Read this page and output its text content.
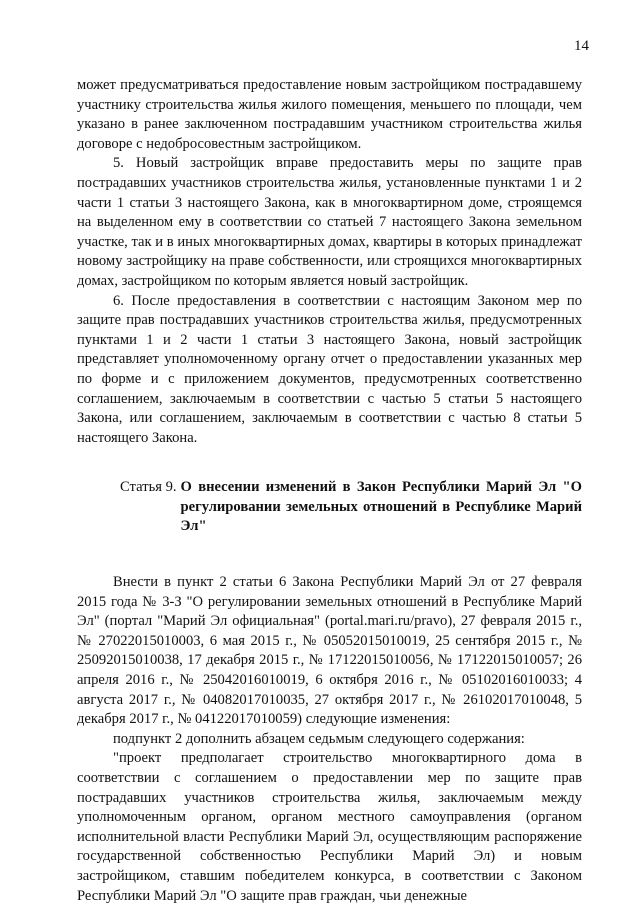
14

может предусматриваться предоставление новым застройщиком пострадавшему участнику строительства жилья жилого помещения, меньшего по площади, чем указано в ранее заключенном пострадавшим участником строительства жилья договоре с недобросовестным застройщиком.

5. Новый застройщик вправе предоставить меры по защите прав пострадавших участников строительства жилья, установленные пунктами 1 и 2 части 1 статьи 3 настоящего Закона, как в многоквартирном доме, строящемся на выделенном ему в соответствии со статьей 7 настоящего Закона земельном участке, так и в иных многоквартирных домах, квартиры в которых принадлежат новому застройщику на праве собственности, или строящихся многоквартирных домах, застройщиком по которым является новый застройщик.

6. После предоставления в соответствии с настоящим Законом мер по защите прав пострадавших участников строительства жилья, предусмотренных пунктами 1 и 2 части 1 статьи 3 настоящего Закона, новый застройщик представляет уполномоченному органу отчет о предоставлении указанных мер по форме и с приложением документов, предусмотренных соответственно соглашением, заключаемым в соответствии с частью 5 статьи 5 настоящего Закона, или соглашением, заключаемым в соответствии с частью 8 статьи 5 настоящего Закона.

Статья 9. О внесении изменений в Закон Республики Марий Эл "О регулировании земельных отношений в Республике Марий Эл"

Внести в пункт 2 статьи 6 Закона Республики Марий Эл от 27 февраля 2015 года № 3-З "О регулировании земельных отношений в Республике Марий Эл" (портал "Марий Эл официальная" (portal.mari.ru/pravo), 27 февраля 2015 г., № 27022015010003, 6 мая 2015 г., № 05052015010019, 25 сентября 2015 г., № 25092015010038, 17 декабря 2015 г., № 17122015010056, № 17122015010057; 26 апреля 2016 г., № 25042016010019, 6 октября 2016 г., № 05102016010033; 4 августа 2017 г., № 04082017010035, 27 октября 2017 г., № 26102017010048, 5 декабря 2017 г., № 04122017010059) следующие изменения:

подпункт 2 дополнить абзацем седьмым следующего содержания:

"проект предполагает строительство многоквартирного дома в соответствии с соглашением о предоставлении мер по защите прав пострадавших участников строительства жилья, заключаемым между уполномоченным органом, органом местного самоуправления (органом исполнительной власти Республики Марий Эл, осуществляющим распоряжение государственной собственностью Республики Марий Эл) и новым застройщиком, ставшим победителем конкурса, в соответствии с Законом Республики Марий Эл "О защите прав граждан, чьи денежные
